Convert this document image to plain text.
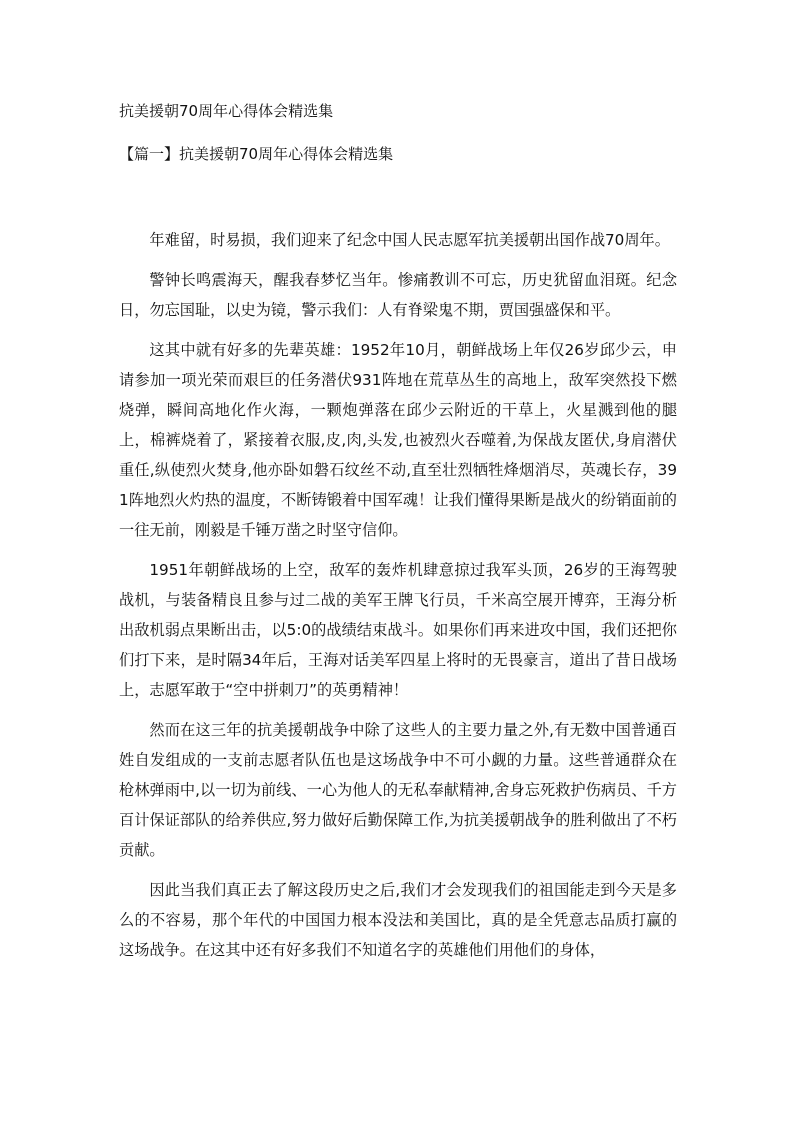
抗美援朝70周年心得体会精选集
【篇一】抗美援朝70周年心得体会精选集

年难留，时易损，我们迎来了纪念中国人民志愿军抗美援朝出国作战70周年。

警钟长鸣震海天，醒我春梦忆当年。惨痛教训不可忘，历史犹留血泪斑。纪念日，勿忘国耻，以史为镜，警示我们：人有脊梁鬼不期，贾国强盛保和平。

这其中就有好多的先辈英雄：1952年10月，朝鲜战场上年仅26岁邱少云，申请参加一项光荣而艰巨的任务潜伏931阵地在荒草丛生的高地上，敌军突然投下燃烧弹，瞬间高地化作火海，一颗炮弹落在邱少云附近的干草上，火星溅到他的腿上，棉裤烧着了，紧接着衣服,皮,肉,头发,也被烈火吞噬着,为保战友匿伏,身肩潜伏重任,纵使烈火焚身,他亦卧如磐石纹丝不动,直至壮烈牺牲烽烟消尽，英魂长存，391阵地烈火灼热的温度，不断铸锻着中国军魂！让我们懂得果断是战火的纷销面前的一往无前，刚毅是千锤万凿之时坚守信仰。

1951年朝鲜战场的上空，敌军的轰炸机肆意掠过我军头顶，26岁的王海驾驶战机，与装备精良且参与过二战的美军王牌飞行员，千米高空展开博弈，王海分析出敌机弱点果断出击，以5:0的战绩结束战斗。如果你们再来进攻中国，我们还把你们打下来，是时隔34年后，王海对话美军四星上将时的无畏豪言，道出了昔日战场上，志愿军敢于“空中拼刺刀”的英勇精神！

然而在这三年的抗美援朝战争中除了这些人的主要力量之外,有无数中国普通百姓自发组成的一支前志愿者队伍也是这场战争中不可小觑的力量。这些普通群众在枪林弹雨中,以一切为前线、一心为他人的无私奉献精神,舍身忘死救护伤病员、千方百计保证部队的给养供应,努力做好后勤保障工作,为抗美援朝战争的胜利做出了不朽贡献。

因此当我们真正去了解这段历史之后,我们才会发现我们的祖国能走到今天是多么的不容易，那个年代的中国国力根本没法和美国比，真的是全凭意志品质打赢的这场战争。在这其中还有好多我们不知道名字的英雄他们用他们的身体，
